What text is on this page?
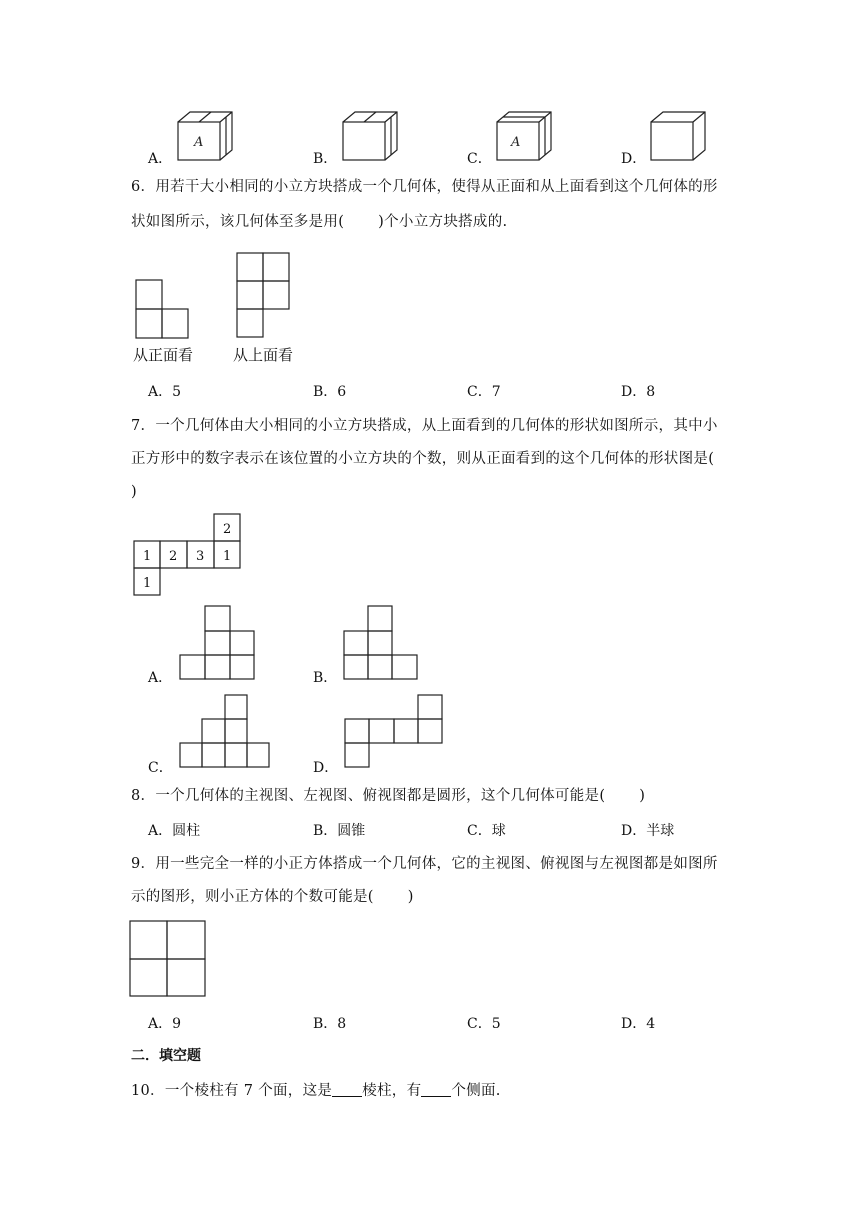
A．
A
B．	C．
A
D．
6．用若干大小相同的小立方块搭成一个几何体，使得从正面和从上面看到这个几何体的形
状如图所示，该几何体至多是用( )个小立方块搭成的.
从正面看	从上面看
A．5	B．6	C．7	D．8
7．一个几何体由大小相同的小立方块搭成，从上面看到的几何体的形状如图所示，其中小
正方形中的数字表示在该位置的小立方块的个数，则从正面看到的这个几何体的形状图是(
)
2
1 2 3 1
1
A．	B．
C．	D．
8．一个几何体的主视图、左视图、俯视图都是圆形，这个几何体可能是( )
A．圆柱	B．圆锥	C．球	D．半球
9．用一些完全一样的小正方体搭成一个几何体，它的主视图、俯视图与左视图都是如图所
示的图形，则小正方体的个数可能是( )
A．9	B．8	C．5	D．4
二．填空题
10．一个棱柱有 7 个面，这是 棱柱，有 个侧面.
